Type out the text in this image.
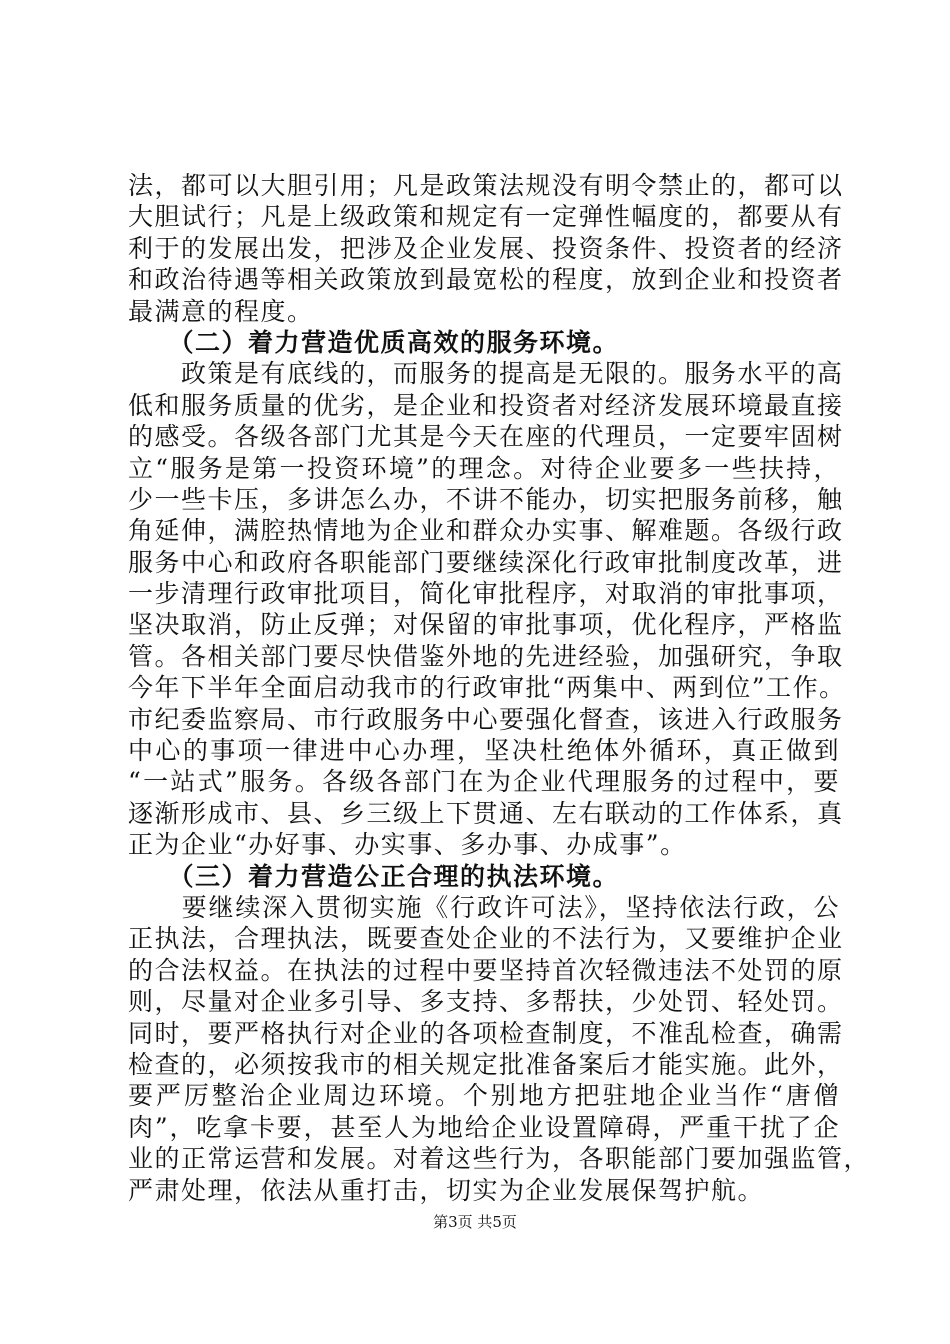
法，都可以大胆引用；凡是政策法规没有明令禁止的，都可以
大胆试行；凡是上级政策和规定有一定弹性幅度的，都要从有
利于的发展出发，把涉及企业发展、投资条件、投资者的经济
和政治待遇等相关政策放到最宽松的程度，放到企业和投资者
最满意的程度。
　　（二）着力营造优质高效的服务环境。
　　政策是有底线的，而服务的提高是无限的。服务水平的高
低和服务质量的优劣，是企业和投资者对经济发展环境最直接
的感受。各级各部门尤其是今天在座的代理员，一定要牢固树
立“服务是第一投资环境”的理念。对待企业要多一些扶持，
少一些卡压，多讲怎么办，不讲不能办，切实把服务前移，触
角延伸，满腔热情地为企业和群众办实事、解难题。各级行政
服务中心和政府各职能部门要继续深化行政审批制度改革，进
一步清理行政审批项目，简化审批程序，对取消的审批事项，
坚决取消，防止反弹；对保留的审批事项，优化程序，严格监
管。各相关部门要尽快借鉴外地的先进经验，加强研究，争取
今年下半年全面启动我市的行政审批“两集中、两到位”工作。
市纪委监察局、市行政服务中心要强化督查，该进入行政服务
中心的事项一律进中心办理，坚决杜绝体外循环，真正做到
“一站式”服务。各级各部门在为企业代理服务的过程中，要
逐渐形成市、县、乡三级上下贯通、左右联动的工作体系，真
正为企业“办好事、办实事、多办事、办成事”。
　　（三）着力营造公正合理的执法环境。
　　要继续深入贯彻实施《行政许可法》，坚持依法行政，公
正执法，合理执法，既要查处企业的不法行为，又要维护企业
的合法权益。在执法的过程中要坚持首次轻微违法不处罚的原
则，尽量对企业多引导、多支持、多帮扶，少处罚、轻处罚。
同时，要严格执行对企业的各项检查制度，不准乱检查，确需
检查的，必须按我市的相关规定批准备案后才能实施。此外，
要严厉整治企业周边环境。个别地方把驻地企业当作“唐僧
肉”，吃拿卡要，甚至人为地给企业设置障碍，严重干扰了企
业的正常运营和发展。对着这些行为，各职能部门要加强监管，
严肃处理，依法从重打击，切实为企业发展保驾护航。
第3页 共5页
